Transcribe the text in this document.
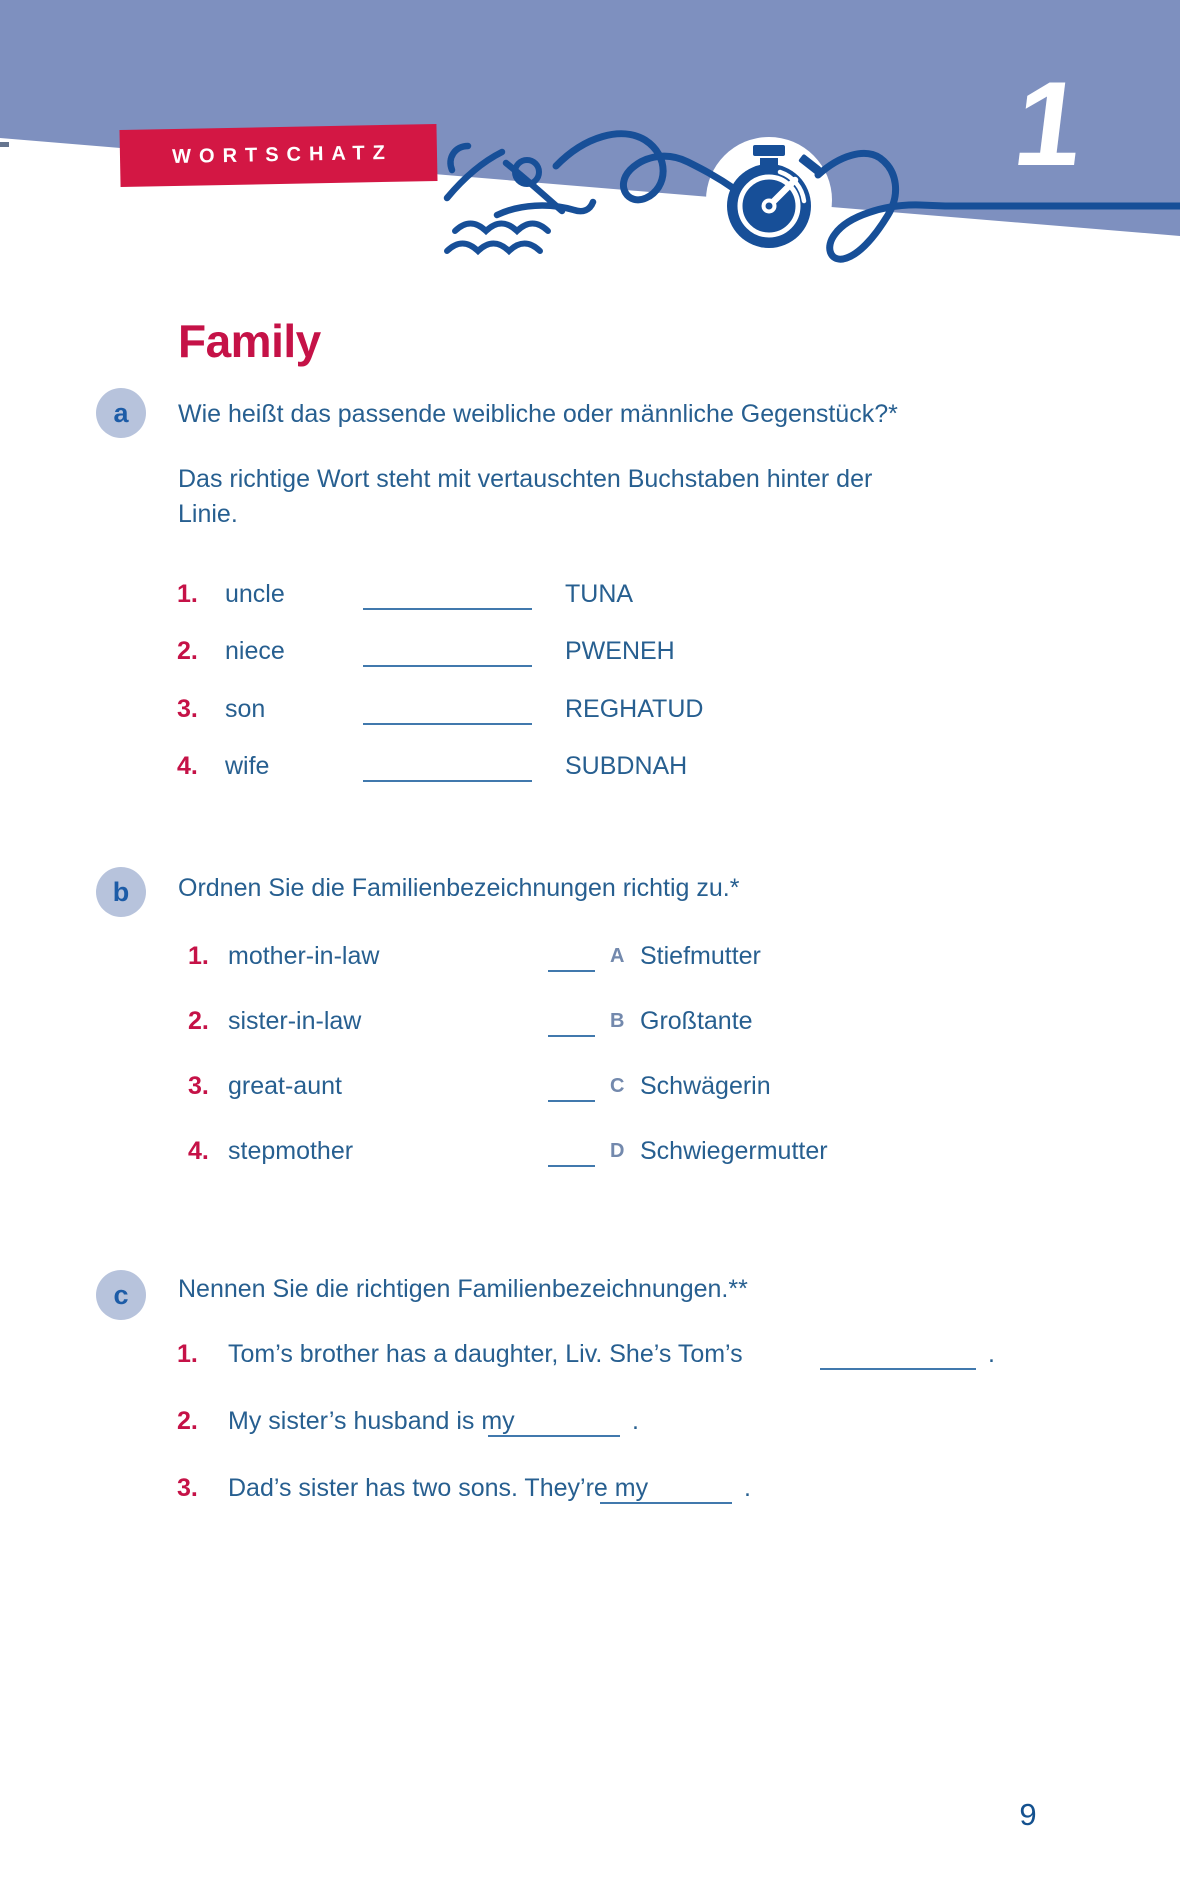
WORTSCHATZ	1
Family
a Wie heißt das passende weibliche oder männliche Gegenstück?*
Das richtige Wort steht mit vertauschten Buchstaben hinter der
Linie.
1. uncle	TUNA
2. niece	PWENEH
3. son	REGHATUD
4. wife	SUBDNAH
b Ordnen Sie die Familienbezeichnungen richtig zu.*
1. mother-in-law	A Stiefmutter
2. sister-in-law	B Großtante
3. great-aunt	C Schwägerin
4. stepmother	D Schwiegermutter
c Nennen Sie die richtigen Familienbezeichnungen.**
1. Tom’s brother has a daughter, Liv. She’s Tom’s	.
2. My sister’s husband is my	.
3. Dad’s sister has two sons. They’re my	.
9
